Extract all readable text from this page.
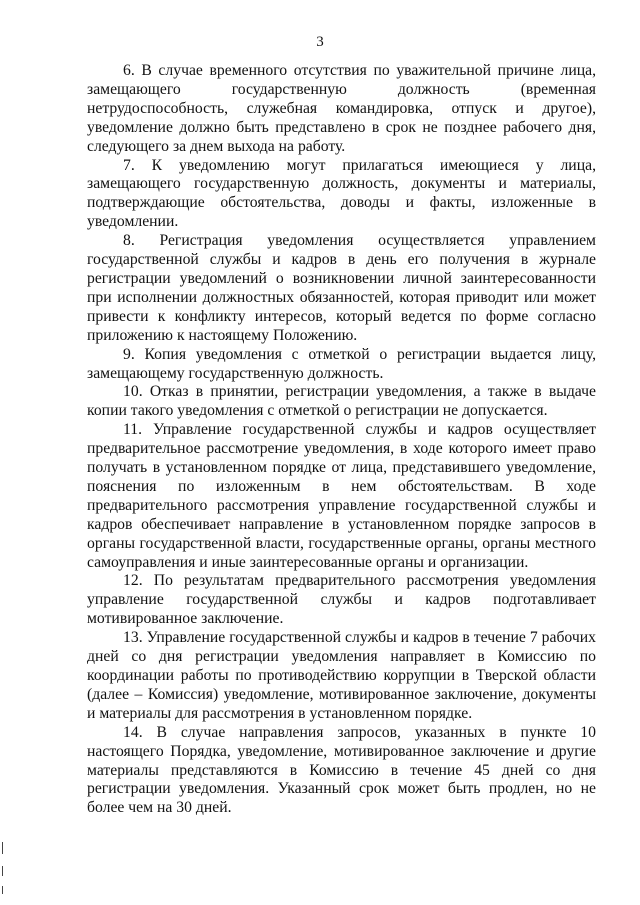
3

6. В случае временного отсутствия по уважительной причине лица, замещающего государственную должность (временная нетрудоспособность, служебная командировка, отпуск и другое), уведомление должно быть представлено в срок не позднее рабочего дня, следующего за днем выхода на работу.

7. К уведомлению могут прилагаться имеющиеся у лица, замещающего государственную должность, документы и материалы, подтверждающие обстоятельства, доводы и факты, изложенные в уведомлении.

8. Регистрация уведомления осуществляется управлением государственной службы и кадров в день его получения в журнале регистрации уведомлений о возникновении личной заинтересованности при исполнении должностных обязанностей, которая приводит или может привести к конфликту интересов, который ведется по форме согласно приложению к настоящему Положению.

9. Копия уведомления с отметкой о регистрации выдается лицу, замещающему государственную должность.

10. Отказ в принятии, регистрации уведомления, а также в выдаче копии такого уведомления с отметкой о регистрации не допускается.

11. Управление государственной службы и кадров осуществляет предварительное рассмотрение уведомления, в ходе которого имеет право получать в установленном порядке от лица, представившего уведомление, пояснения по изложенным в нем обстоятельствам. В ходе предварительного рассмотрения управление государственной службы и кадров обеспечивает направление в установленном порядке запросов в органы государственной власти, государственные органы, органы местного самоуправления и иные заинтересованные органы и организации.

12. По результатам предварительного рассмотрения уведомления управление государственной службы и кадров подготавливает мотивированное заключение.

13. Управление государственной службы и кадров в течение 7 рабочих дней со дня регистрации уведомления направляет в Комиссию по координации работы по противодействию коррупции в Тверской области (далее – Комиссия) уведомление, мотивированное заключение, документы и материалы для рассмотрения в установленном порядке.

14. В случае направления запросов, указанных в пункте 10 настоящего Порядка, уведомление, мотивированное заключение и другие материалы представляются в Комиссию в течение 45 дней со дня регистрации уведомления. Указанный срок может быть продлен, но не более чем на 30 дней.
